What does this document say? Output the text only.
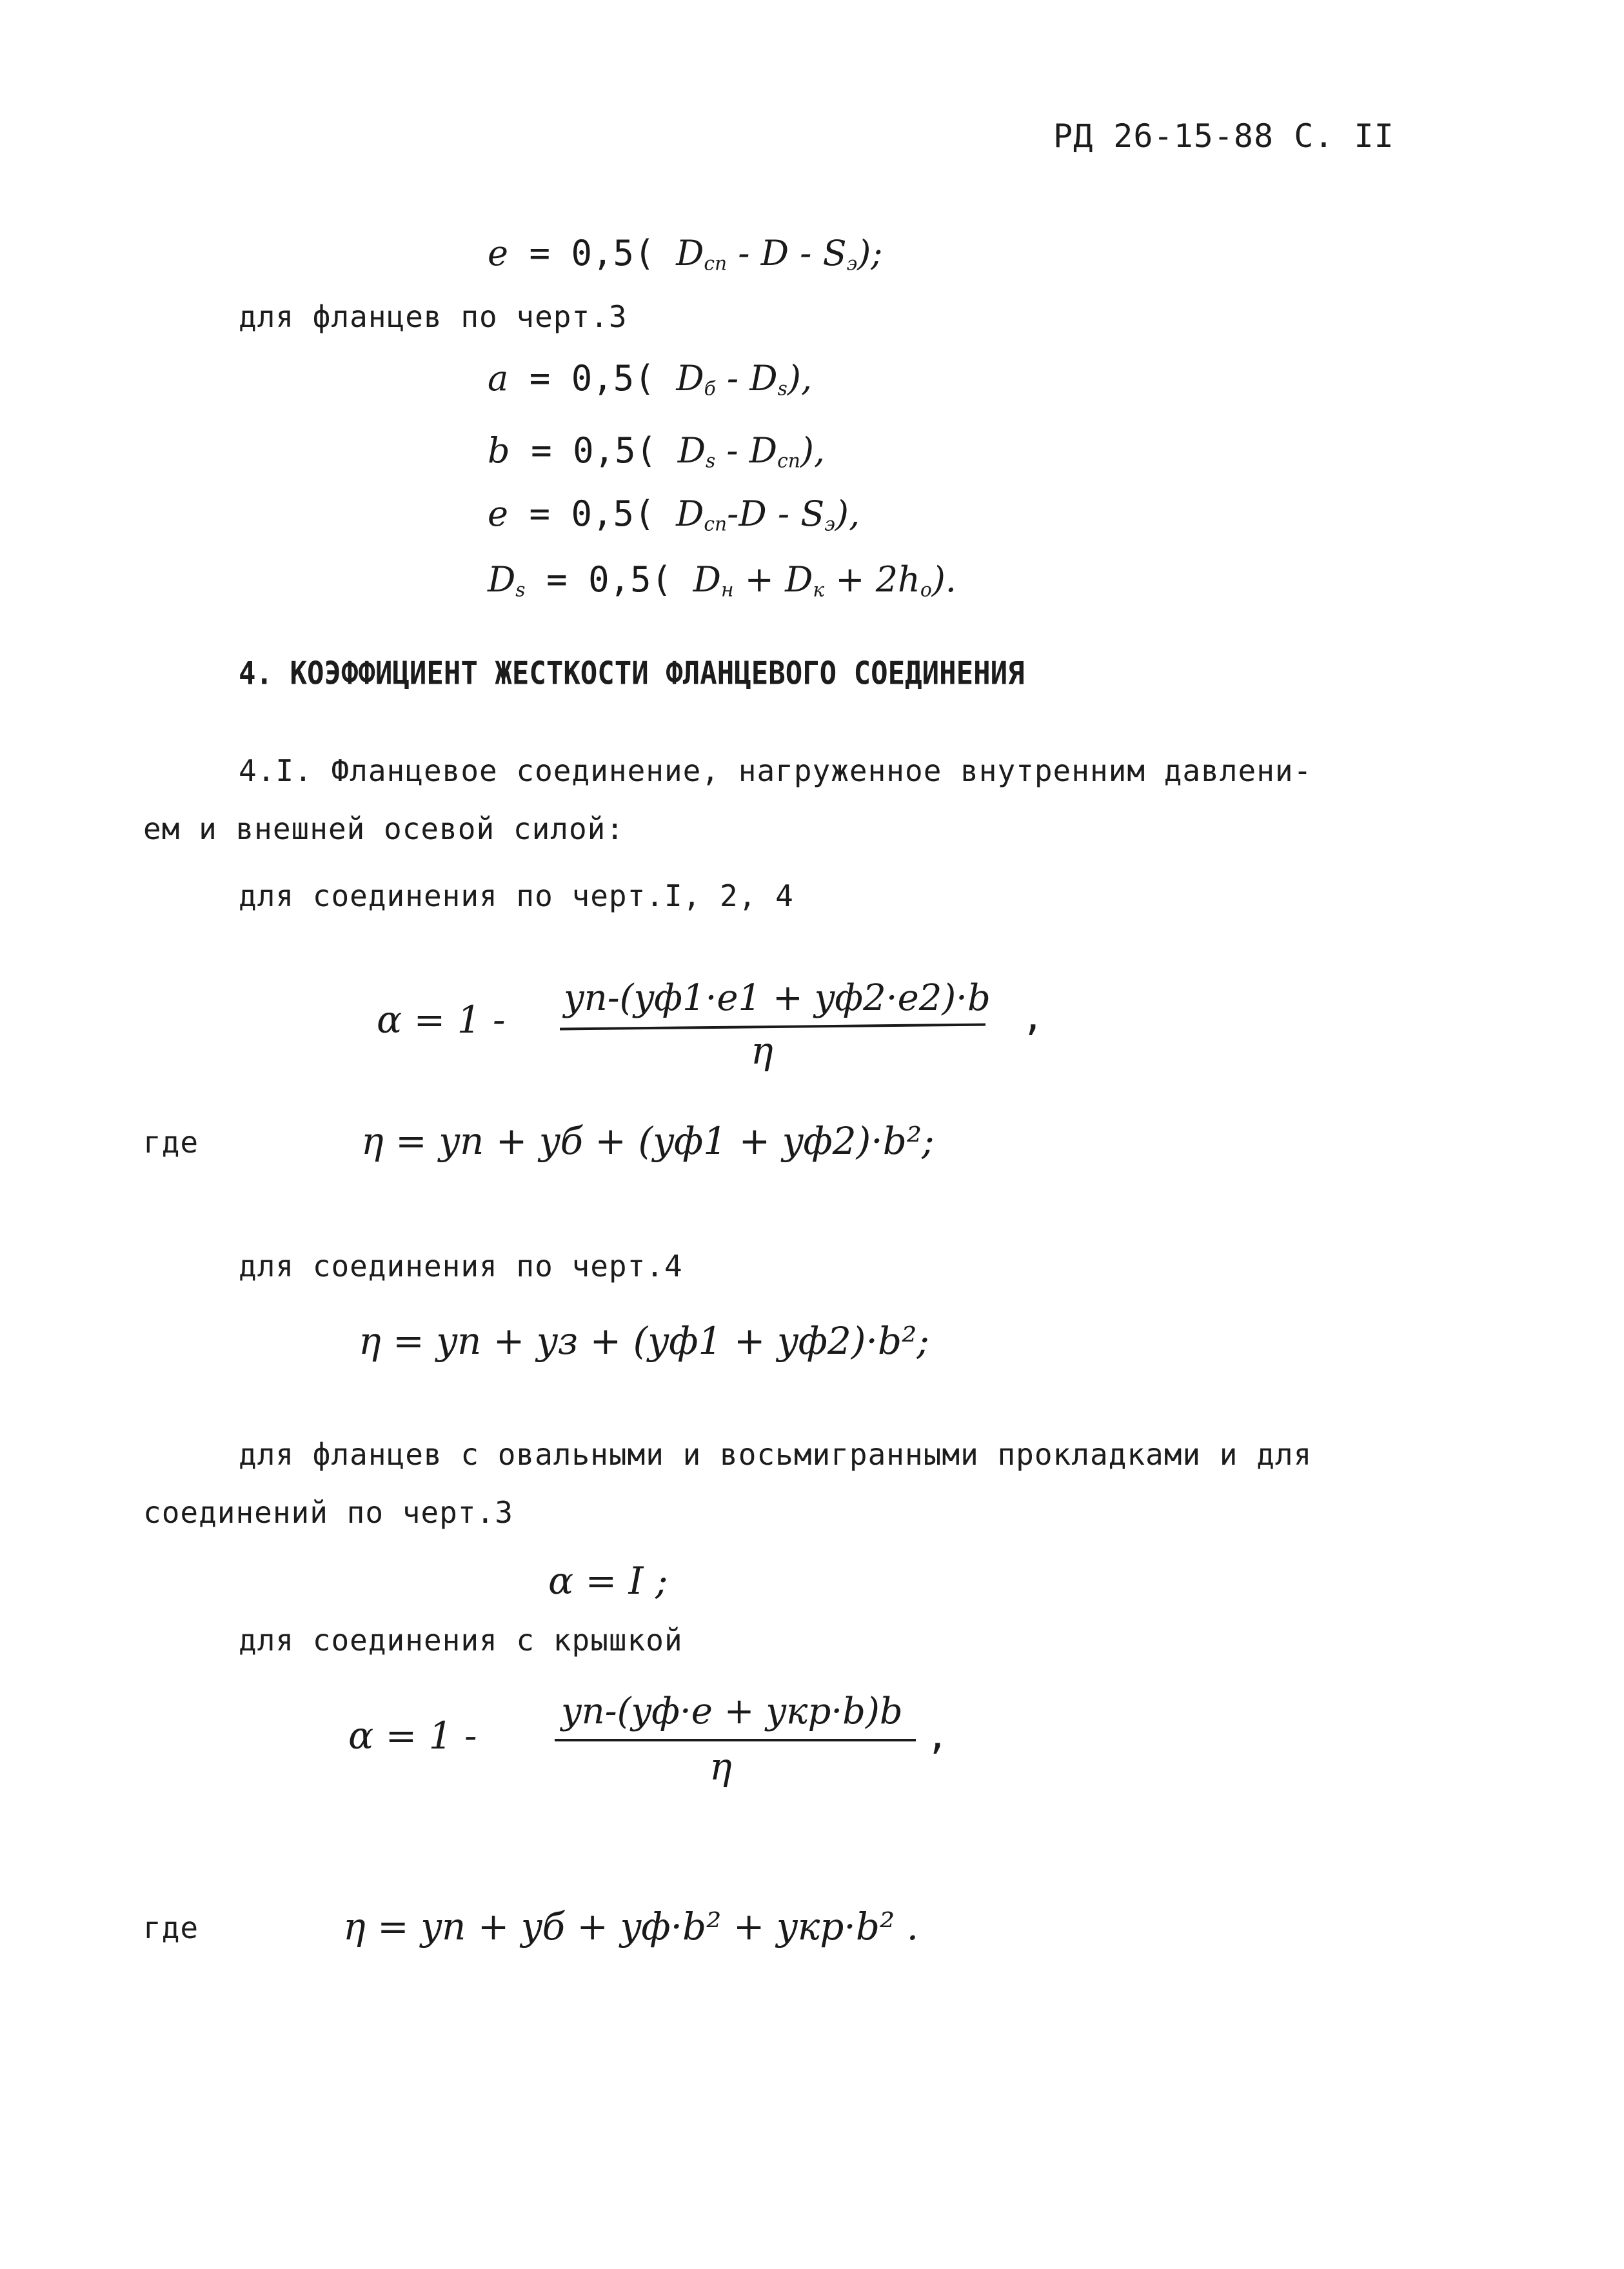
РД 26-15-88 С. II
e = 0,5( $D_{сп}$ - D - $S_э$);
для фланцев по черт.3
a = 0,5( $D_б - D_s$),
b = 0,5( $D_s - D_{сп}$),
e = 0,5( $D_{сп}-D - S_э$),
$D_s = 0,5$( $D_н + D_к + 2h_o$).
4. КОЭФФИЦИЕНТ ЖЕСТКОСТИ ФЛАНЦЕВОГО СОЕДИНЕНИЯ
4.I. Фланцевое соединение, нагруженное внутренним давлени-
ем и внешней осевой силой:
для соединения по черт.I, 2, 4
α = 1 - yп-(yф1·e1 + yф2·e2)·b
η
,
где	η = yп + yб + (yф1 + yф2)·b²;
для соединения по черт.4
η = yп + yз + (yф1 + yф2)·b²;
для фланцев с овальными и восьмигранными прокладками и для
соединений по черт.3
α = I ;
для соединения с крышкой
α = 1 -
yп-(yф·e + yкр·b)b
η
,
где	η = yп + yб + yф·b² + yкр·b² .
